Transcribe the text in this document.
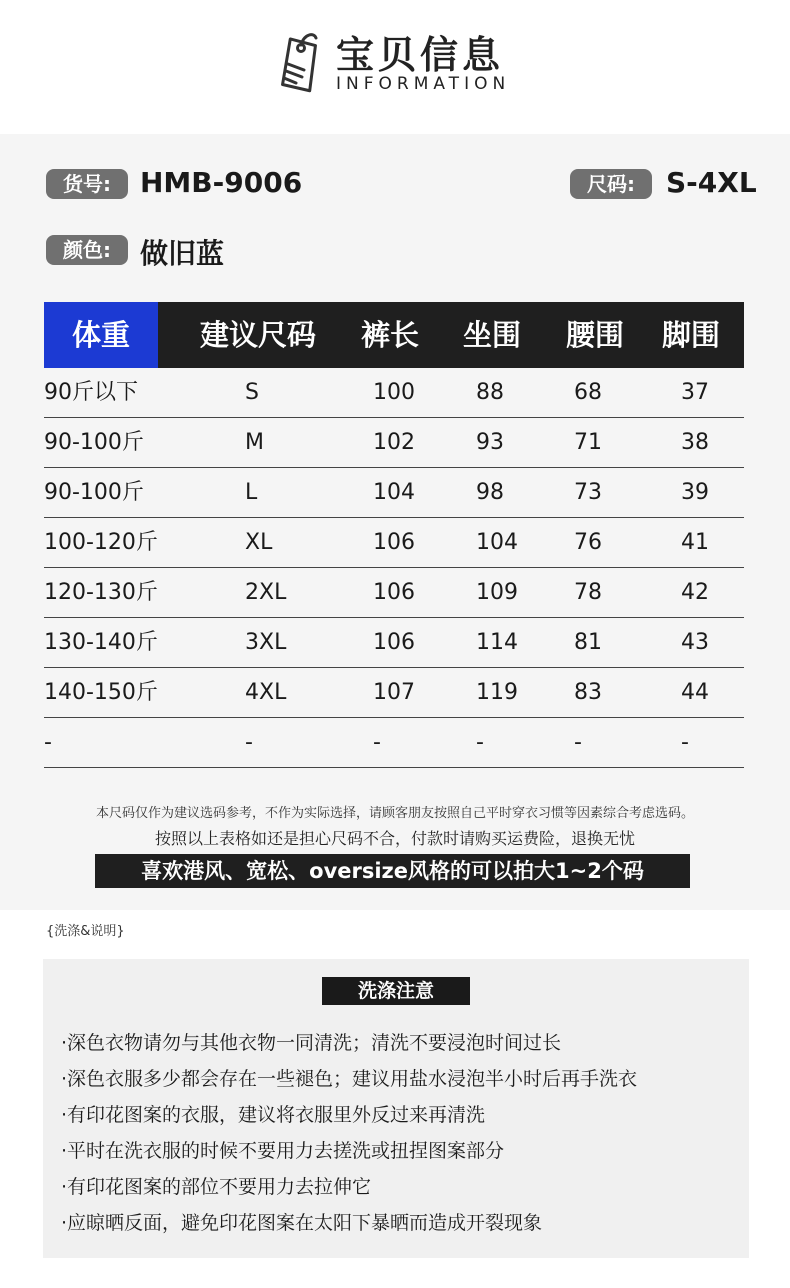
宝贝信息
INFORMATION
货号:	HMB-9006	尺码:	S-4XL
颜色:	做旧蓝
体重	建议尺码	裤长	坐围	腰围	脚围
90斤以下	S	100	88	68	37
90-100斤	M	102	93	71	38
90-100斤	L	104	98	73	39
100-120斤	XL	106	104	76	41
120-130斤	2XL	106	109	78	42
130-140斤	3XL	106	114	81	43
140-150斤	4XL	107	119	83	44
-	-	-	-	-	-
本尺码仅作为建议选码参考，不作为实际选择，请顾客朋友按照自己平时穿衣习惯等因素综合考虑选码。
按照以上表格如还是担心尺码不合，付款时请购买运费险，退换无忧
喜欢港风、宽松、oversize风格的可以拍大1~2个码
{洗涤&说明}
洗涤注意
·深色衣物请勿与其他衣物一同清洗；清洗不要浸泡时间过长
·深色衣服多少都会存在一些褪色；建议用盐水浸泡半小时后再手洗衣
·有印花图案的衣服，建议将衣服里外反过来再清洗
·平时在洗衣服的时候不要用力去搓洗或扭捏图案部分
·有印花图案的部位不要用力去拉伸它
·应晾晒反面，避免印花图案在太阳下暴晒而造成开裂现象
